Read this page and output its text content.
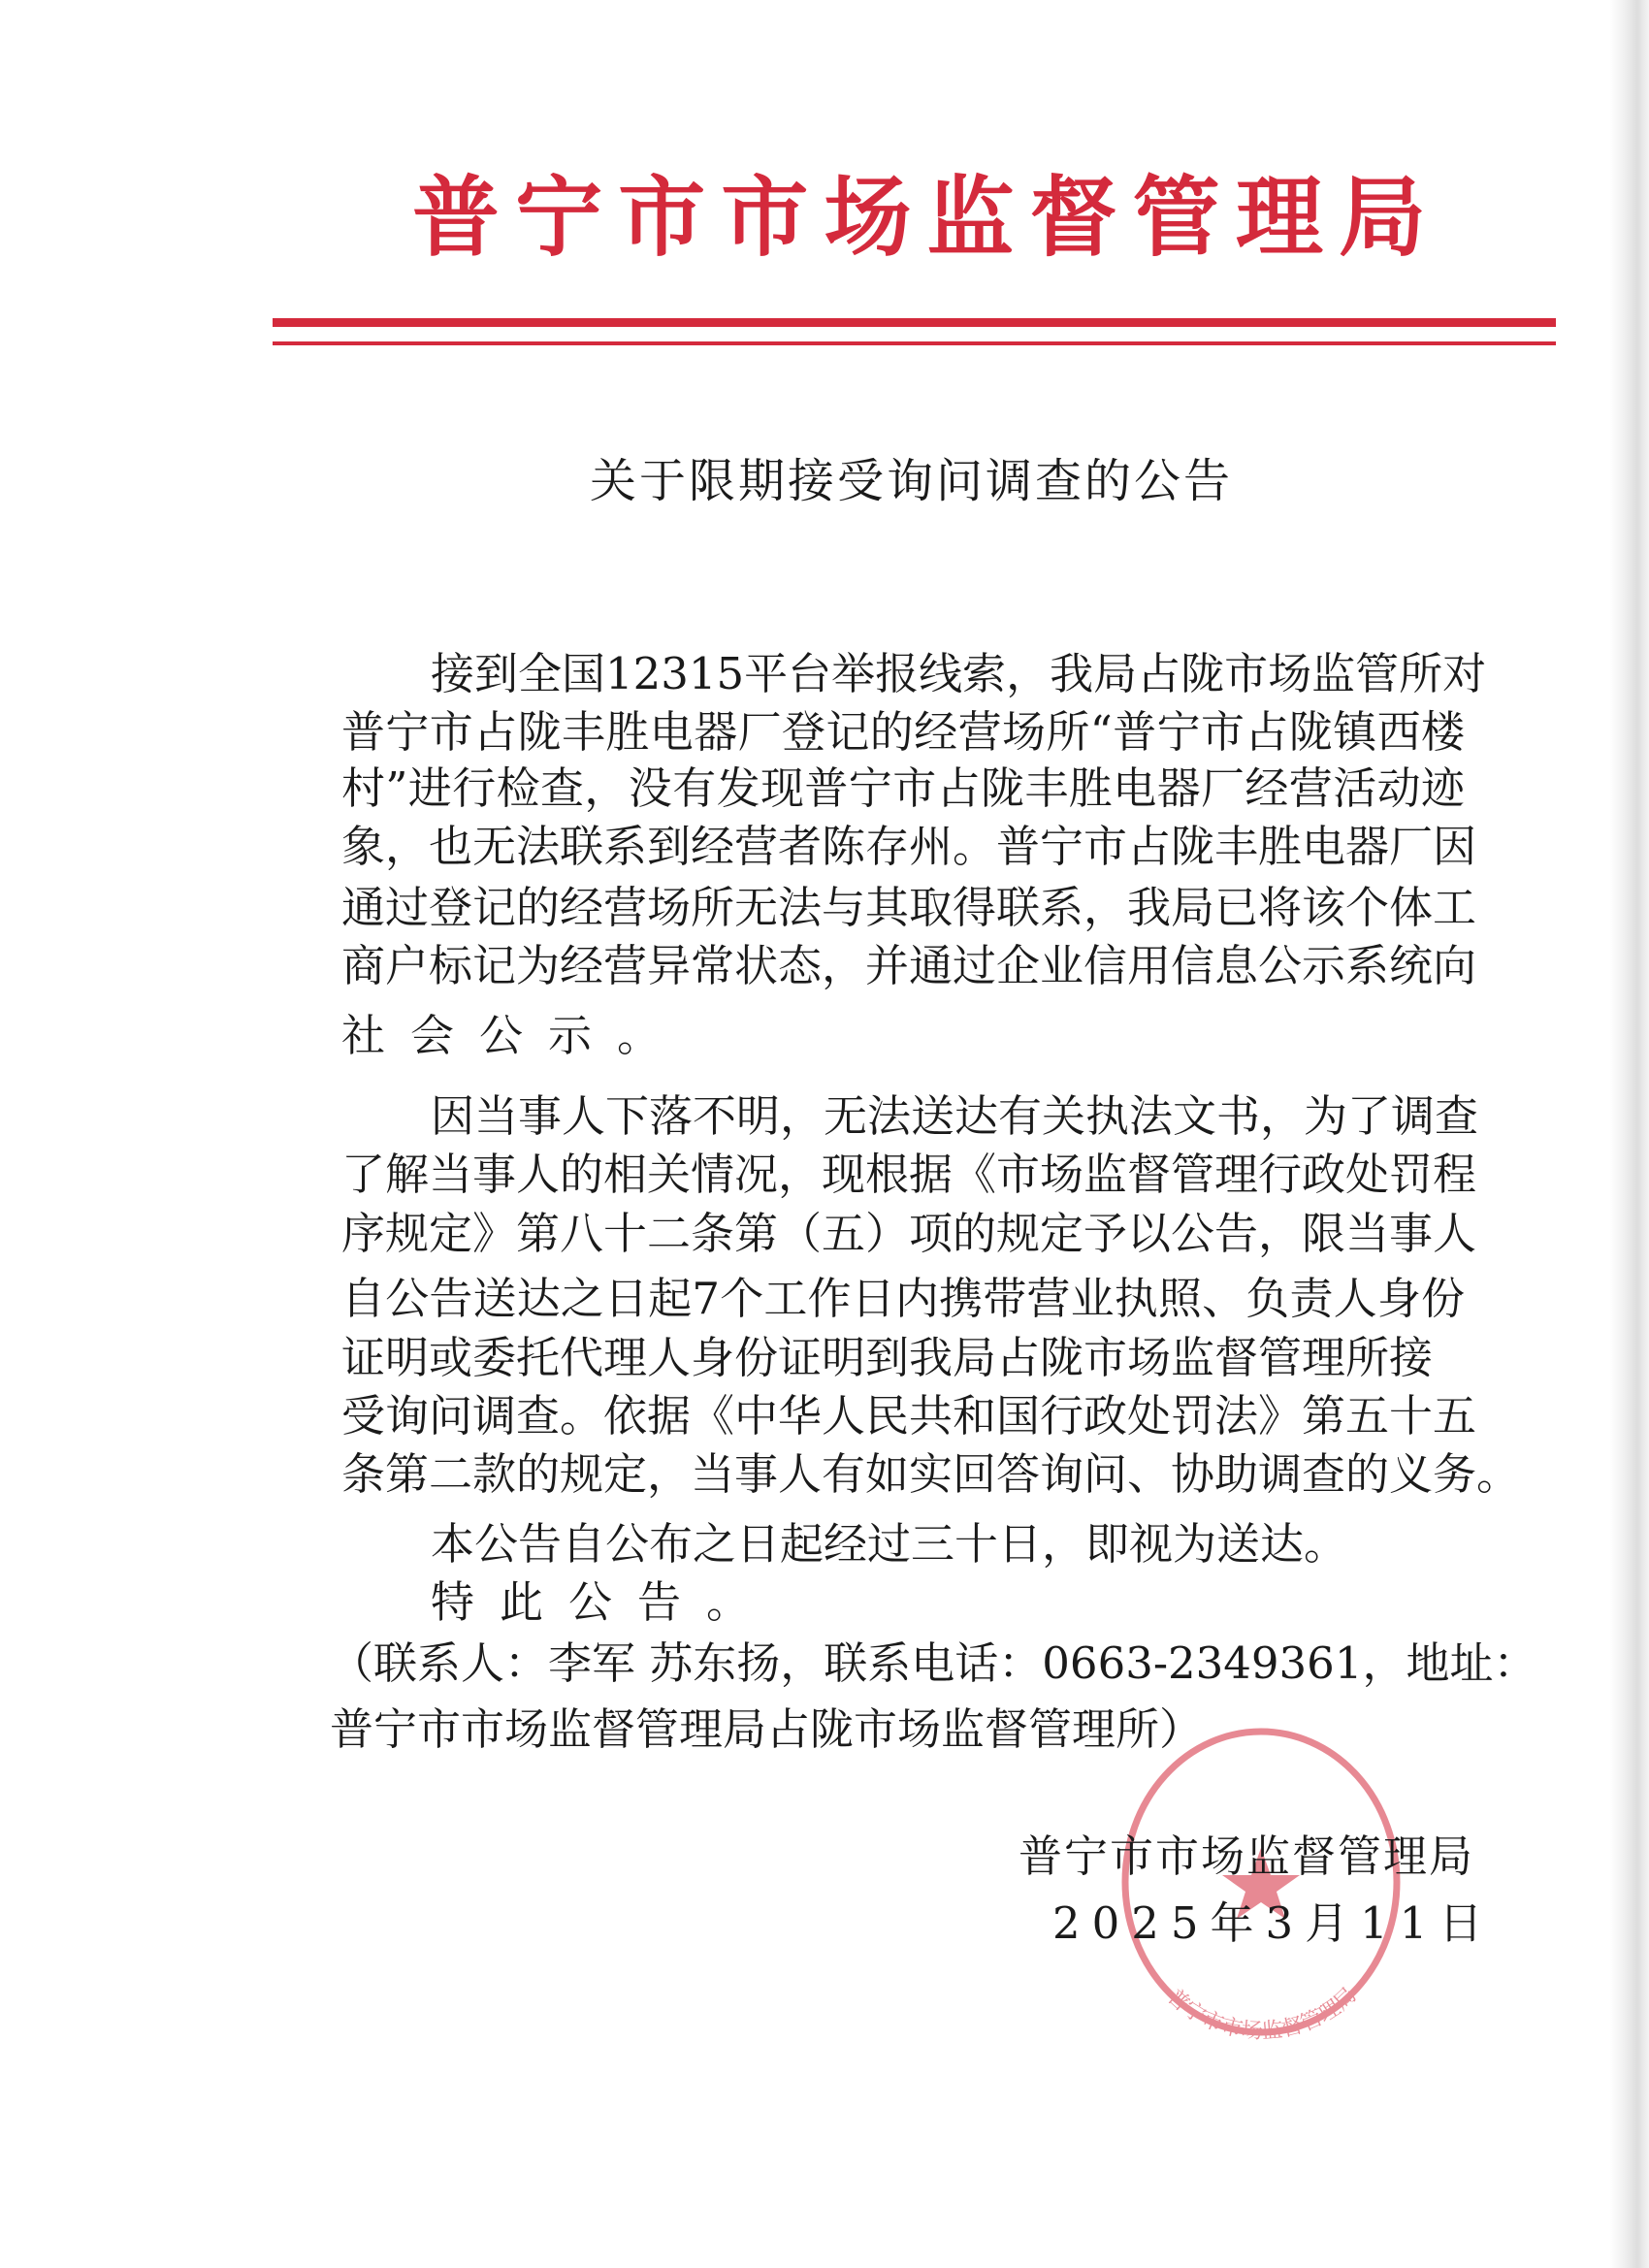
普宁市市场监督管理局
关于限期接受询问调查的公告
接到全国12315平台举报线索，我局占陇市场监管所对
普宁市占陇丰胜电器厂登记的经营场所“普宁市占陇镇西楼
村”进行检查，没有发现普宁市占陇丰胜电器厂经营活动迹
象，也无法联系到经营者陈存州。普宁市占陇丰胜电器厂因
通过登记的经营场所无法与其取得联系，我局已将该个体工
商户标记为经营异常状态，并通过企业信用信息公示系统向
社会公示。
因当事人下落不明，无法送达有关执法文书，为了调查
了解当事人的相关情况，现根据《市场监督管理行政处罚程
序规定》第八十二条第（五）项的规定予以公告，限当事人
自公告送达之日起7个工作日内携带营业执照、负责人身份
证明或委托代理人身份证明到我局占陇市场监督管理所接
受询问调查。依据《中华人民共和国行政处罚法》第五十五
条第二款的规定，当事人有如实回答询问、协助调查的义务。
本公告自公布之日起经过三十日，即视为送达。
特此公告。
（联系人：李军 苏东扬，联系电话：0663-2349361，地址：
普宁市市场监督管理局占陇市场监督管理所）
普宁市市场监督管理局
普宁市市场监督管理局
2025年3月11日
